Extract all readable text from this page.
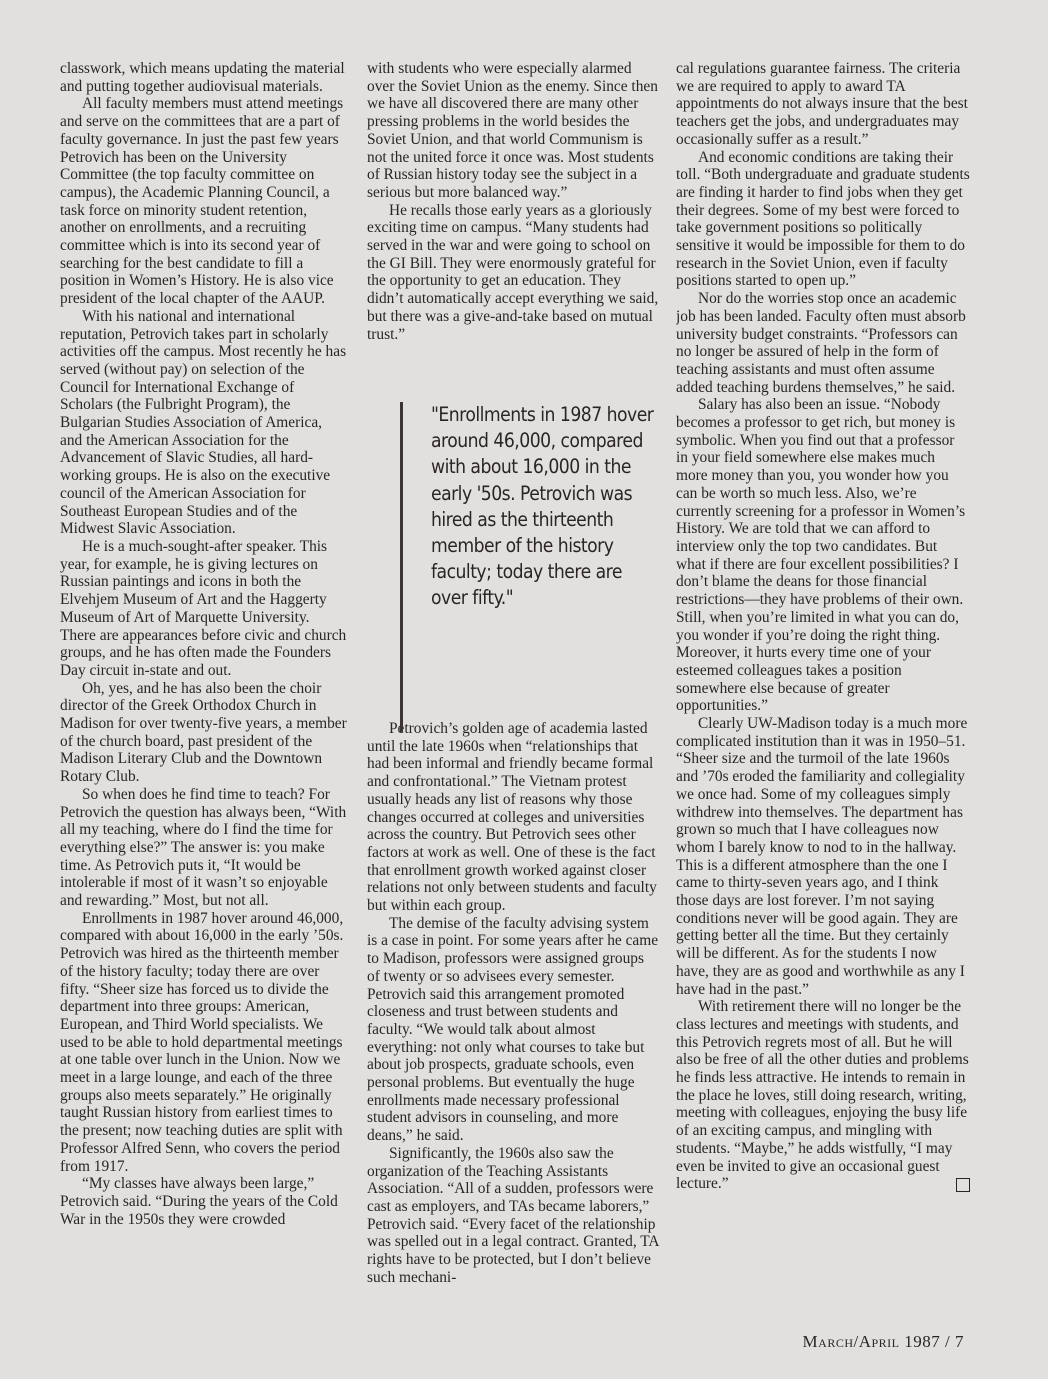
classwork, which means updating the material and putting together audiovisual materials.

All faculty members must attend meetings and serve on the committees that are a part of faculty governance. In just the past few years Petrovich has been on the University Committee (the top faculty committee on campus), the Academic Planning Council, a task force on minority student retention, another on enrollments, and a recruiting committee which is into its second year of searching for the best candidate to fill a position in Women’s History. He is also vice president of the local chapter of the AAUP.

With his national and international reputation, Petrovich takes part in scholarly activities off the campus. Most recently he has served (without pay) on selection of the Council for International Exchange of Scholars (the Fulbright Program), the Bulgarian Studies Association of America, and the American Association for the Advancement of Slavic Studies, all hard-working groups. He is also on the executive council of the American Association for Southeast European Studies and of the Midwest Slavic Association.

He is a much-sought-after speaker. This year, for example, he is giving lectures on Russian paintings and icons in both the Elvehjem Museum of Art and the Haggerty Museum of Art of Marquette University. There are appearances before civic and church groups, and he has often made the Founders Day circuit in-state and out.

Oh, yes, and he has also been the choir director of the Greek Orthodox Church in Madison for over twenty-five years, a member of the church board, past president of the Madison Literary Club and the Downtown Rotary Club.

So when does he find time to teach? For Petrovich the question has always been, “With all my teaching, where do I find the time for everything else?” The answer is: you make time. As Petrovich puts it, “It would be intolerable if most of it wasn’t so enjoyable and rewarding.” Most, but not all.

Enrollments in 1987 hover around 46,000, compared with about 16,000 in the early ’50s. Petrovich was hired as the thirteenth member of the history faculty; today there are over fifty. “Sheer size has forced us to divide the department into three groups: American, European, and Third World specialists. We used to be able to hold departmental meetings at one table over lunch in the Union. Now we meet in a large lounge, and each of the three groups also meets separately.” He originally taught Russian history from earliest times to the present; now teaching duties are split with Professor Alfred Senn, who covers the period from 1917.

“My classes have always been large,” Petrovich said. “During the years of the Cold War in the 1950s they were crowded

with students who were especially alarmed over the Soviet Union as the enemy. Since then we have all discovered there are many other pressing problems in the world besides the Soviet Union, and that world Communism is not the united force it once was. Most students of Russian history today see the subject in a serious but more balanced way.”

He recalls those early years as a gloriously exciting time on campus. “Many students had served in the war and were going to school on the GI Bill. They were enormously grateful for the opportunity to get an education. They didn’t automatically accept everything we said, but there was a give-and-take based on mutual trust.”

Petrovich’s golden age of academia lasted until the late 1960s when “relationships that had been informal and friendly became formal and confrontational.” The Vietnam protest usually heads any list of reasons why those changes occurred at colleges and universities across the country. But Petrovich sees other factors at work as well. One of these is the fact that enrollment growth worked against closer relations not only between students and faculty but within each group.

The demise of the faculty advising system is a case in point. For some years after he came to Madison, professors were assigned groups of twenty or so advisees every semester. Petrovich said this arrangement promoted closeness and trust between students and faculty. “We would talk about almost everything: not only what courses to take but about job prospects, graduate schools, even personal problems. But eventually the huge enrollments made necessary professional student advisors in counseling, and more deans,” he said.

Significantly, the 1960s also saw the organization of the Teaching Assistants Association. “All of a sudden, professors were cast as employers, and TAs became laborers,” Petrovich said. “Every facet of the relationship was spelled out in a legal contract. Granted, TA rights have to be protected, but I don’t believe such mechani-

"Enrollments in 1987 hover around 46,000, compared with about 16,000 in the early '50s. Petrovich was hired as the thirteenth member of the history faculty; today there are over fifty."

cal regulations guarantee fairness. The criteria we are required to apply to award TA appointments do not always insure that the best teachers get the jobs, and undergraduates may occasionally suffer as a result.”

And economic conditions are taking their toll. “Both undergraduate and graduate students are finding it harder to find jobs when they get their degrees. Some of my best were forced to take government positions so politically sensitive it would be impossible for them to do research in the Soviet Union, even if faculty positions started to open up.”

Nor do the worries stop once an academic job has been landed. Faculty often must absorb university budget constraints. “Professors can no longer be assured of help in the form of teaching assistants and must often assume added teaching burdens themselves,” he said.

Salary has also been an issue. “Nobody becomes a professor to get rich, but money is symbolic. When you find out that a professor in your field somewhere else makes much more money than you, you wonder how you can be worth so much less. Also, we’re currently screening for a professor in Women’s History. We are told that we can afford to interview only the top two candidates. But what if there are four excellent possibilities? I don’t blame the deans for those financial restrictions—they have problems of their own. Still, when you’re limited in what you can do, you wonder if you’re doing the right thing. Moreover, it hurts every time one of your esteemed colleagues takes a position somewhere else because of greater opportunities.”

Clearly UW-Madison today is a much more complicated institution than it was in 1950–51. “Sheer size and the turmoil of the late 1960s and ’70s eroded the familiarity and collegiality we once had. Some of my colleagues simply withdrew into themselves. The department has grown so much that I have colleagues now whom I barely know to nod to in the hallway. This is a different atmosphere than the one I came to thirty-seven years ago, and I think those days are lost forever. I’m not saying conditions never will be good again. They are getting better all the time. But they certainly will be different. As for the students I now have, they are as good and worthwhile as any I have had in the past.”

With retirement there will no longer be the class lectures and meetings with students, and this Petrovich regrets most of all. But he will also be free of all the other duties and problems he finds less attractive. He intends to remain in the place he loves, still doing research, writing, meeting with colleagues, enjoying the busy life of an exciting campus, and mingling with students. “Maybe,” he adds wistfully, “I may even be invited to give an occasional guest lecture.”

March/April 1987 / 7
